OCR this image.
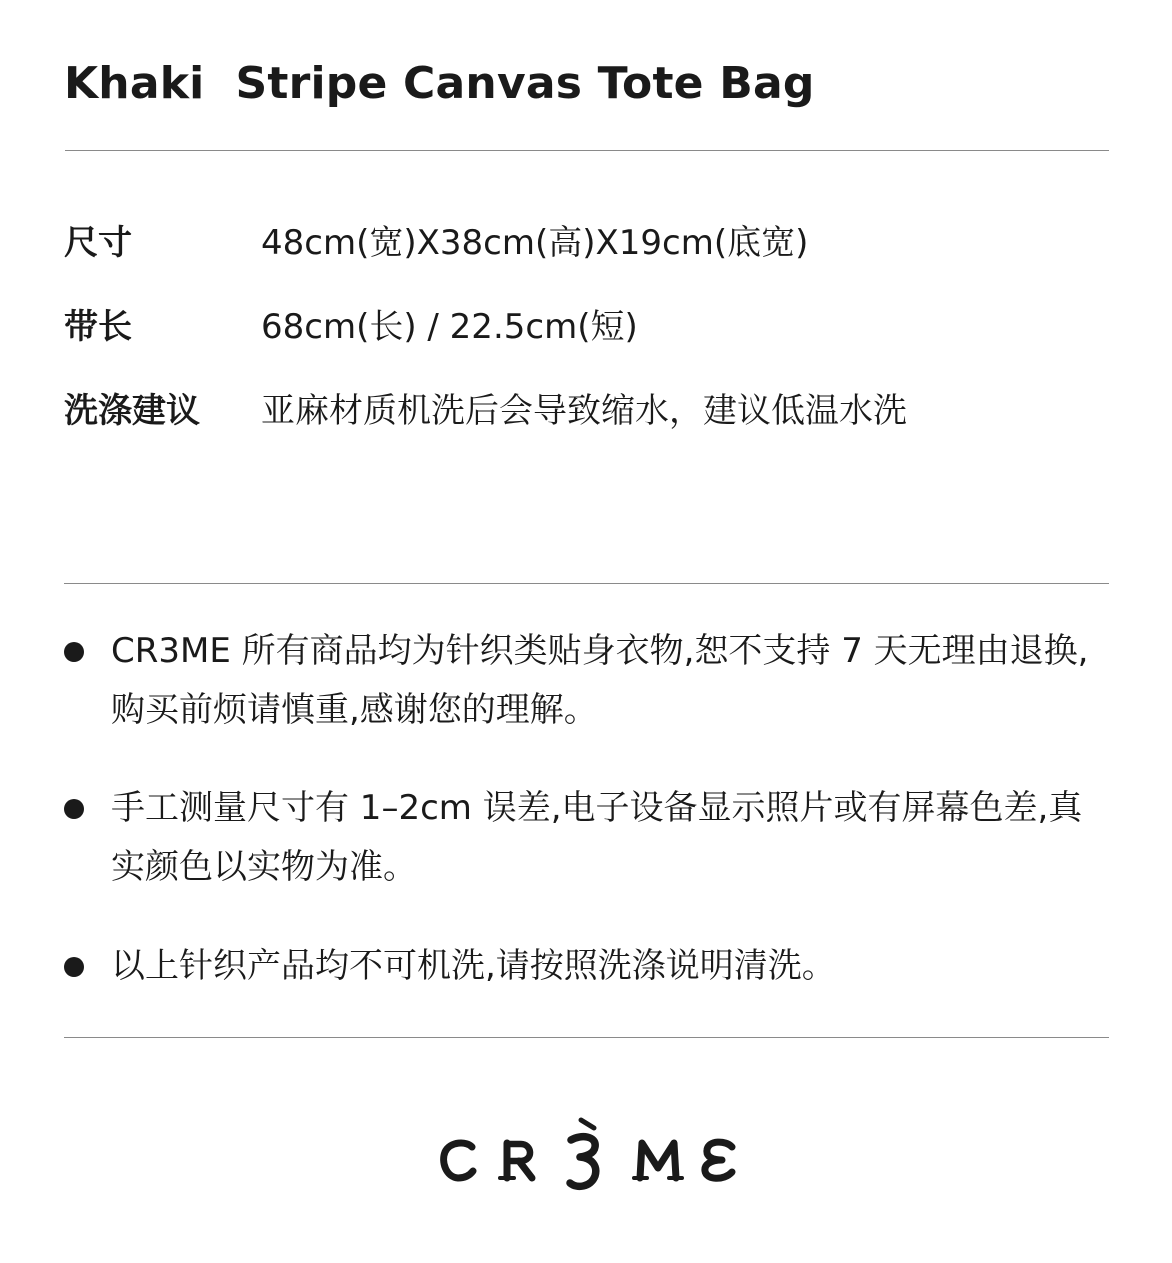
Khaki  Stripe Canvas Tote Bag
尺寸	48cm(宽)X38cm(高)X19cm(底宽)
带长	68cm(长) / 22.5cm(短)
洗涤建议 亚麻材质机洗后会导致缩水，建议低温水洗
CR3ME 所有商品均为针织类贴身衣物,恕不支持 7 天无理由退换,购买前烦请慎重,感谢您的理解。
手工测量尺寸有 1–2cm 误差,电子设备显示照片或有屏幕色差,真实颜色以实物为准。
以上针织产品均不可机洗,请按照洗涤说明清洗。
